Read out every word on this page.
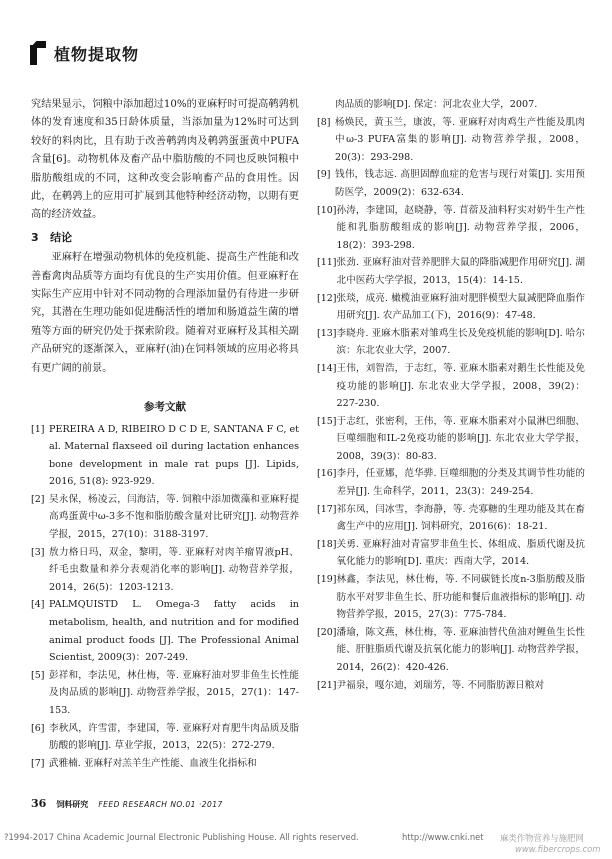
植物提取物

究结果显示，饲粮中添加超过10%的亚麻籽时可提高鹌鹑机体的发育速度和35日龄体质量，当添加量为12%时可达到较好的料肉比，且有助于改善鹌鹑肉及鹌鹑蛋蛋黄中PUFA含量[6]。动物机体及畜产品中脂肪酸的不同也反映饲粮中脂肪酸组成的不同，这种改变会影响畜产品的食用性。因此，在鹌鹑上的应用可扩展到其他特种经济动物，以期有更高的经济效益。

3 结论

亚麻籽在增强动物机体的免疫机能、提高生产性能和改善畜禽肉品质等方面均有优良的生产实用价值。但亚麻籽在实际生产应用中针对不同动物的合理添加量仍有待进一步研究，其潜在生理功能如促进酶活性的增加和肠道益生菌的增殖等方面的研究仍处于探索阶段。随着对亚麻籽及其相关副产品研究的逐渐深入，亚麻籽(油)在饲料领域的应用必将具有更广阔的前景。

参考文献
[1] PEREIRA A D, RIBEIRO D C D E, SANTANA F C, et al. Maternal flaxseed oil during lactation enhances bone development in male rat pups [J]. Lipids, 2016, 51(8): 923-929.
[2] 吴永保，杨凌云，闫海洁，等. 饲粮中添加微藻和亚麻籽提高鸡蛋黄中ω-3多不饱和脂肪酸含量对比研究[J]. 动物营养学报，2015，27(10)：3188-3197.
[3] 敖力格日玛，双金，黎明，等. 亚麻籽对肉羊瘤胃液pH、纤毛虫数量和养分表观消化率的影响[J]. 动物营养学报，2014，26(5)：1203-1213.
[4] PALMQUISTD L. Omega-3 fatty acids in metabolism, health, and nutrition and for modified animal product foods [J]. The Professional Animal Scientist, 2009(3)：207-249.
[5] 彭祥和，李法见，林仕梅，等. 亚麻籽油对罗非鱼生长性能及肉品质的影响[J]. 动物营养学报，2015，27(1)：147-153.
[6] 李秋风，许雪雷，李建国，等. 亚麻籽对育肥牛肉品质及脂肪酸的影响[J]. 草业学报，2013，22(5)：272-279.
[7] 武雅楠. 亚麻籽对羔羊生产性能、血液生化指标和
肉品质的影响[D]. 保定：河北农业大学，2007.
[8] 杨焕民，黄玉兰，康波，等. 亚麻籽对肉鸡生产性能及肌肉中ω-3 PUFA富集的影响[J]. 动物营养学报，2008，20(3)：293-298.
[9] 钱伟，钱志远. 高胆固醇血症的危害与现行对策[J]. 实用预防医学，2009(2)：632-634.
[10] 孙涛，李建国，赵晓静，等. 苜蓿及油料籽实对奶牛生产性能和乳脂肪酸组成的影响[J]. 动物营养学报，2006，18(2)：393-298.
[11] 张劲. 亚麻籽油对营养肥胖大鼠的降脂减肥作用研究[J]. 湖北中医药大学学报，2013，15(4)：14-15.
[12] 张琰，成亮. 橄榄油亚麻籽油对肥胖模型大鼠减肥降血脂作用研究[J]. 农产品加工(下)，2016(9)：47-48.
[13] 李晓舟. 亚麻木脂素对雏鸡生长及免疫机能的影响[D]. 哈尔滨：东北农业大学，2007.
[14] 王伟，刘智浩，于志红，等. 亚麻木脂素对鹅生长性能及免疫功能的影响[J]. 东北农业大学学报，2008，39(2)：227-230.
[15] 于志红，张密利，王伟，等. 亚麻木脂素对小鼠淋巴细胞、巨噬细胞和IL-2免疫功能的影响[J]. 东北农业大学学报，2008，39(3)：80-83.
[16] 李丹，任亚娜，范华骅. 巨噬细胞的分类及其调节性功能的差异[J]. 生命科学，2011，23(3)：249-254.
[17] 祁东凤，闫冰雪，李海静，等. 壳寡糖的生理功能及其在畜禽生产中的应用[J]. 饲料研究，2016(6)：18-21.
[18] 关勇. 亚麻籽油对青富罗非鱼生长、体组成、脂质代谢及抗氧化能力的影响[D]. 重庆：西南大学，2014.
[19] 林鑫，李法见，林仕梅，等. 不同碳链长度n-3脂肪酸及脂肪水平对罗非鱼生长、肝功能和餐后血液指标的影响[J]. 动物营养学报，2015，27(3)：775-784.
[20] 潘瑜，陈文燕，林仕梅，等. 亚麻油替代鱼油对鲤鱼生长性能、肝脏脂质代谢及抗氧化能力的影响[J]. 动物营养学报，2014，26(2)：420-426.
[21] 尹福泉，嘎尔迪，刘瑞芳，等. 不同脂肪源日粮对
36 饲料研究 FEED RESEARCH NO.01 ·2017
?1994-2017 China Academic Journal Electronic Publishing House. All rights reserved.	http://www.cnki.net 麻类作物营养与施肥网
www.fibercrops.com
